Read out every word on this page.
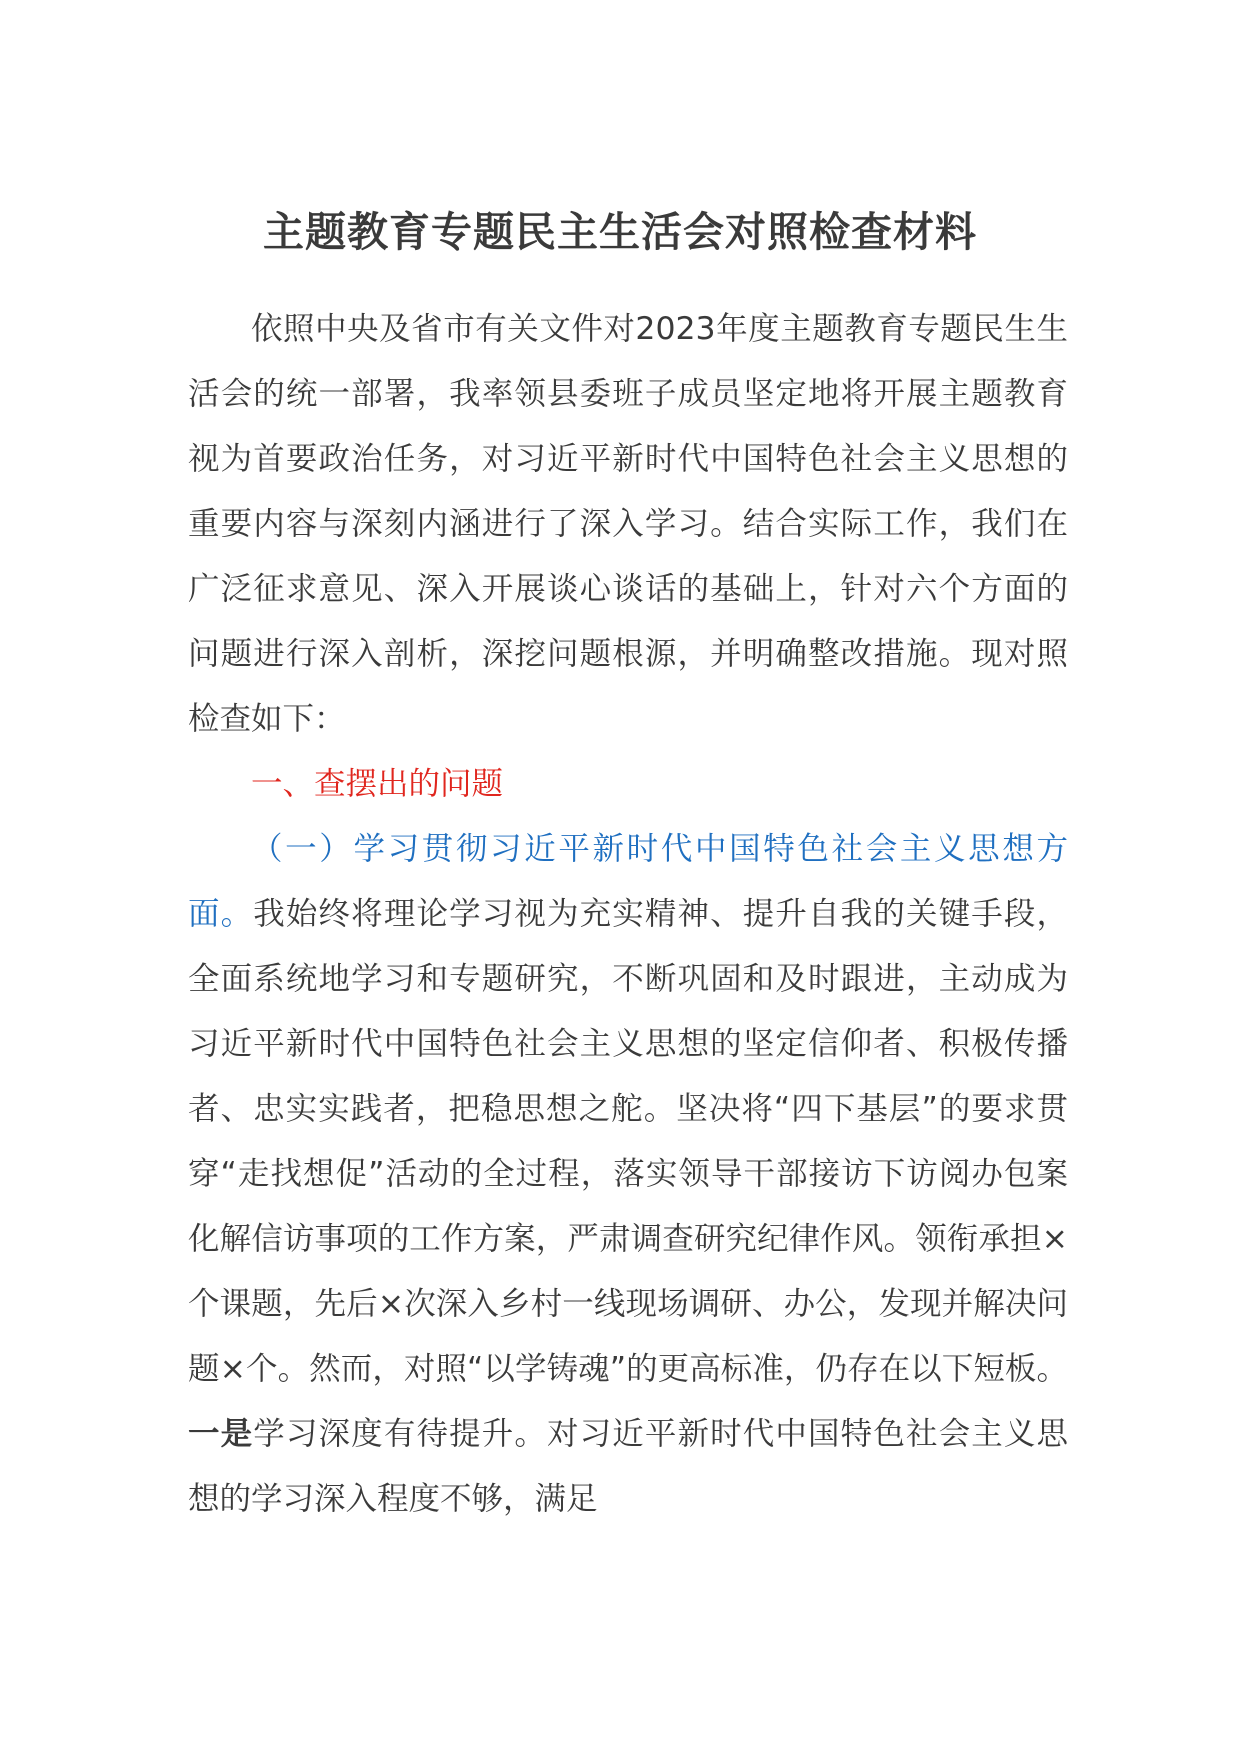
主题教育专题民主生活会对照检查材料

依照中央及省市有关文件对2023年度主题教育专题民生生活会的统一部署，我率领县委班子成员坚定地将开展主题教育视为首要政治任务，对习近平新时代中国特色社会主义思想的重要内容与深刻内涵进行了深入学习。结合实际工作，我们在广泛征求意见、深入开展谈心谈话的基础上，针对六个方面的问题进行深入剖析，深挖问题根源，并明确整改措施。现对照检查如下：

一、查摆出的问题

（一）学习贯彻习近平新时代中国特色社会主义思想方面。我始终将理论学习视为充实精神、提升自我的关键手段，全面系统地学习和专题研究，不断巩固和及时跟进，主动成为习近平新时代中国特色社会主义思想的坚定信仰者、积极传播者、忠实实践者，把稳思想之舵。坚决将“四下基层”的要求贯穿“走找想促”活动的全过程，落实领导干部接访下访阅办包案化解信访事项的工作方案，严肃调查研究纪律作风。领衔承担×个课题，先后×次深入乡村一线现场调研、办公，发现并解决问题×个。然而，对照“以学铸魂”的更高标准，仍存在以下短板。一是学习深度有待提升。对习近平新时代中国特色社会主义思想的学习深入程度不够，满足
